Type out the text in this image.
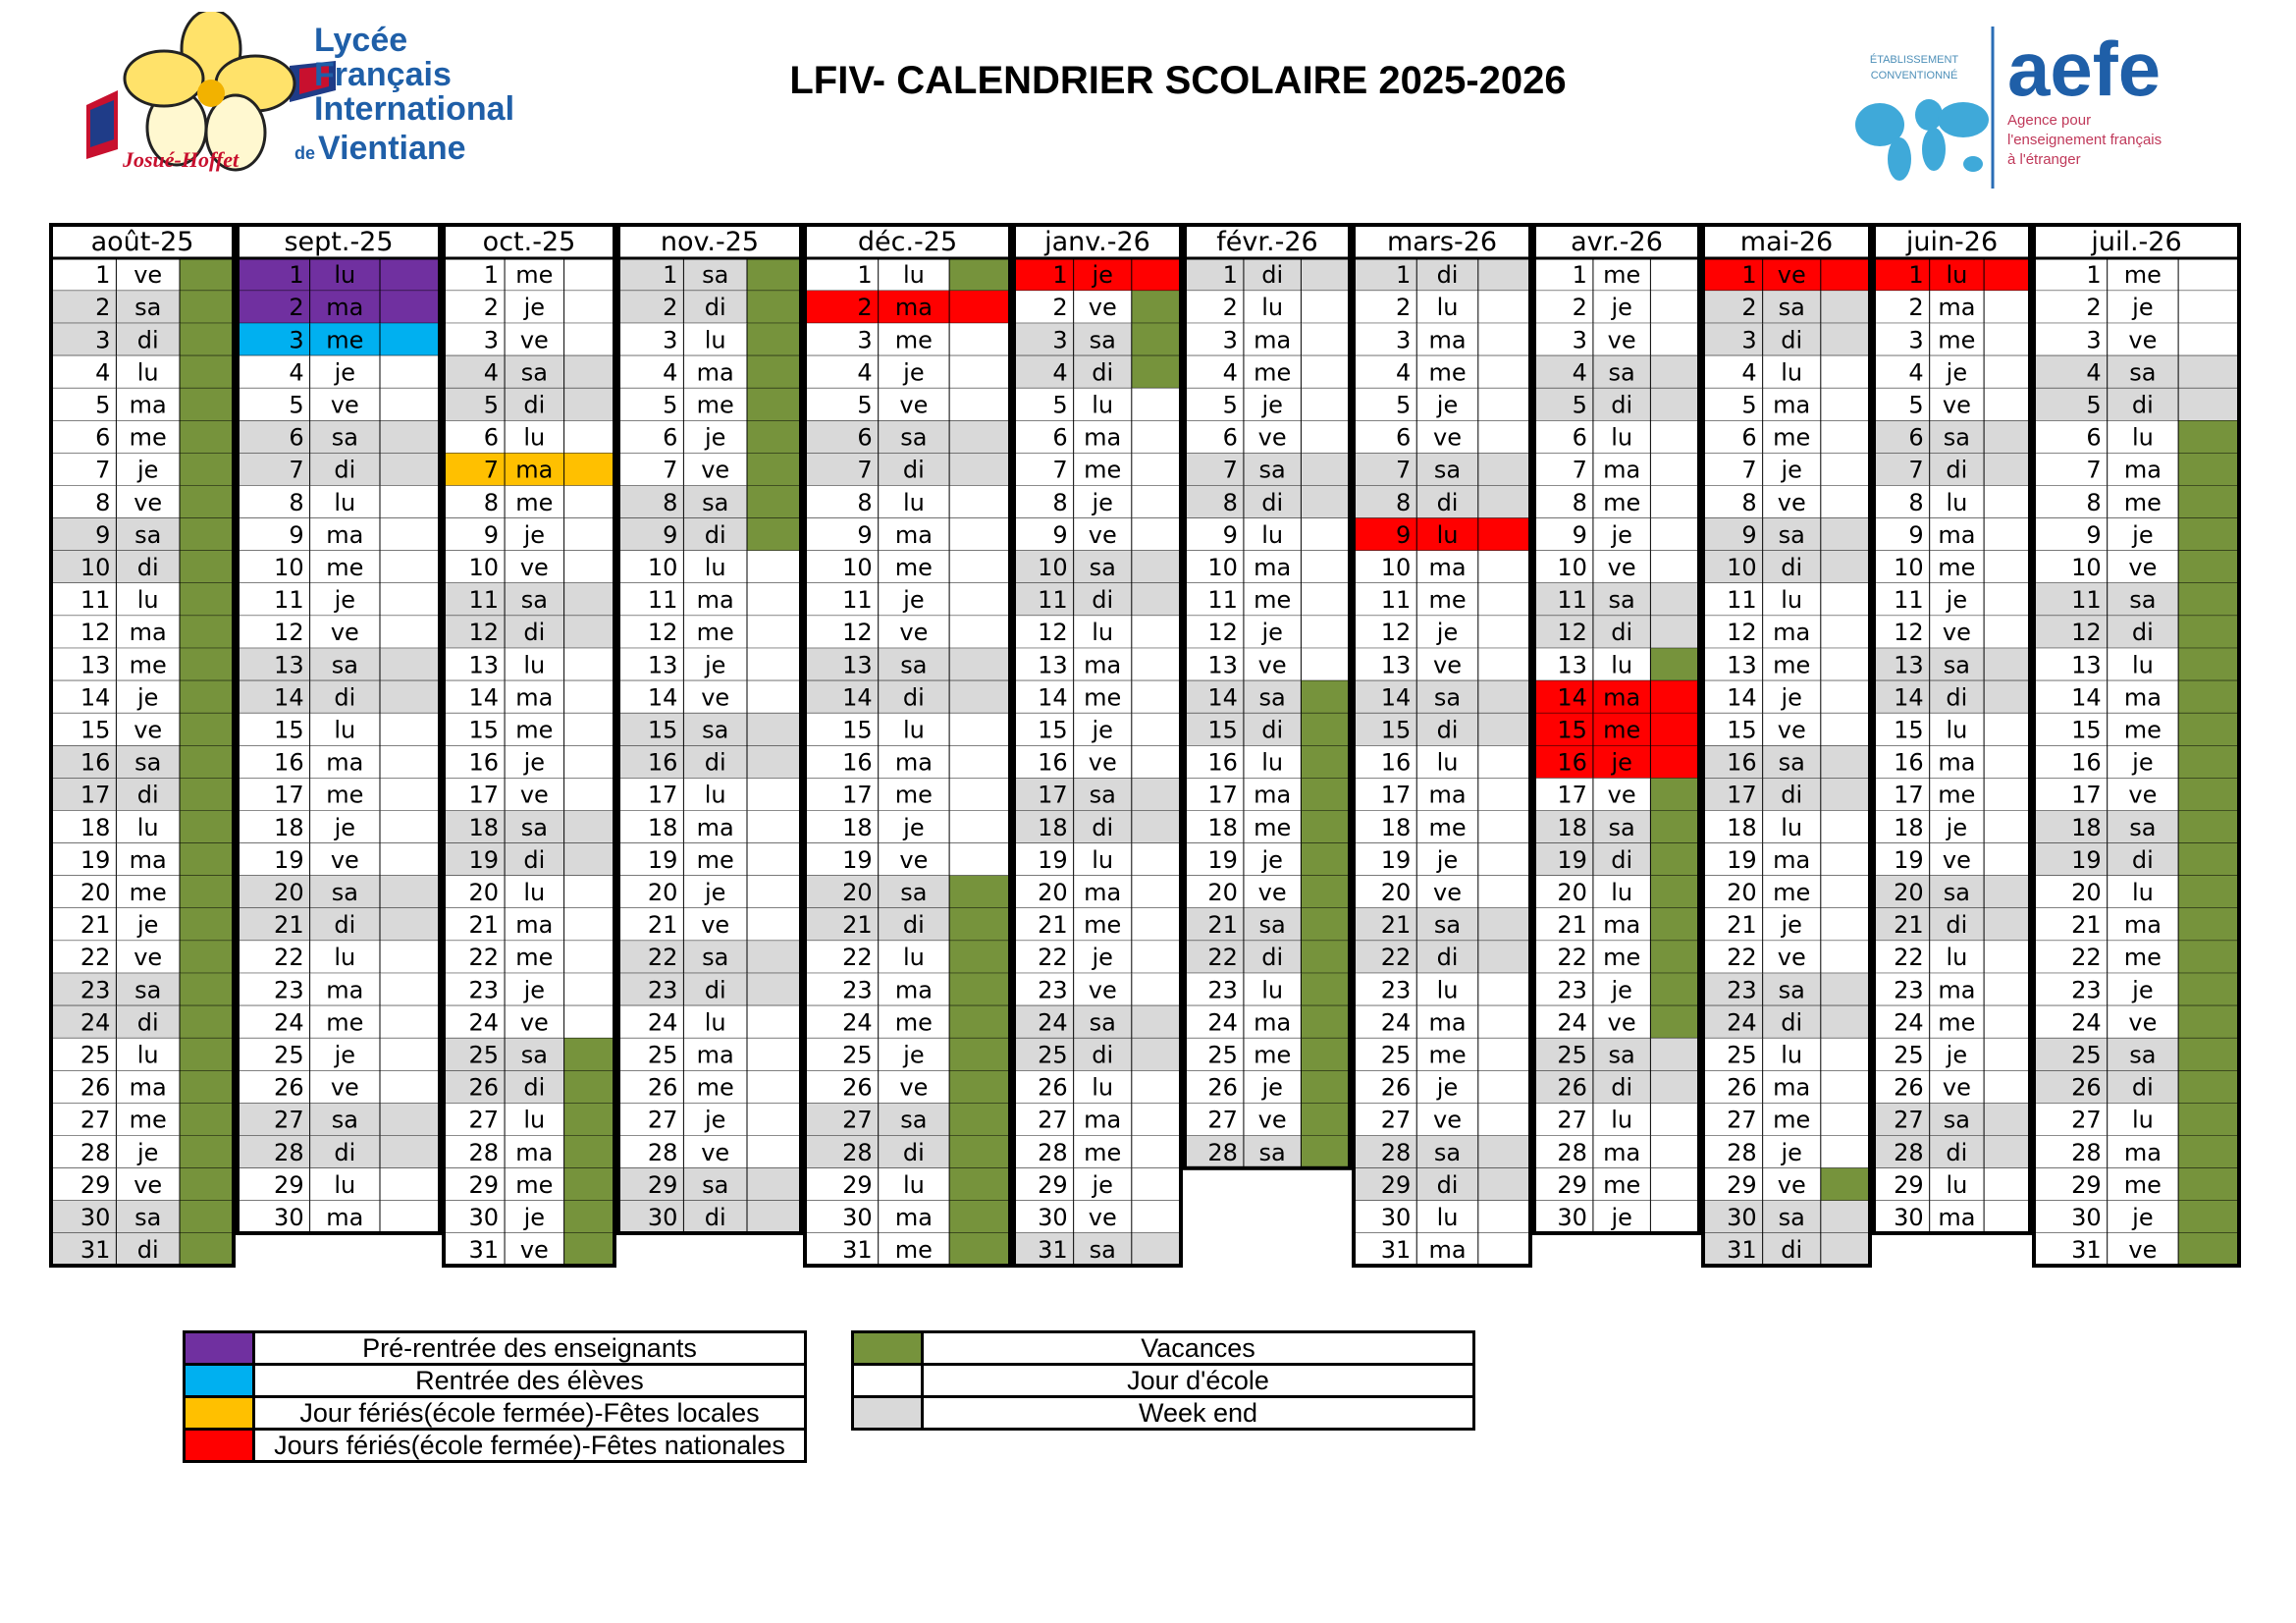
Josué-Hoffet
Lycée
Français
International
de Vientiane
LFIV- CALENDRIER SCOLAIRE 2025-2026	ÉTABLISSEMENT
CONVENTIONNÉ aefe
Agence pour
l'enseignement français
à l'étranger
août-25
1 ve
2 sa
3 di
4 lu
5 ma
6 me
7 je
8 ve
9 sa
10 di
11 lu
12 ma
13 me
14 je
15 ve
16 sa
17 di
18 lu
19 ma
20 me
21 je
22 ve
23 sa
24 di
25 lu
26 ma
27 me
28 je
29 ve
30 sa
31 di
sept.-25
1 lu
2 ma
3 me
4 je
5 ve
6 sa
7 di
8 lu
9 ma
10 me
11 je
12 ve
13 sa
14 di
15 lu
16 ma
17 me
18 je
19 ve
20 sa
21 di
22 lu
23 ma
24 me
25 je
26 ve
27 sa
28 di
29 lu
30 ma
oct.-25
1 me
2 je
3 ve
4 sa
5 di
6 lu
7 ma
8 me
9 je
10 ve
11 sa
12 di
13 lu
14 ma
15 me
16 je
17 ve
18 sa
19 di
20 lu
21 ma
22 me
23 je
24 ve
25 sa
26 di
27 lu
28 ma
29 me
30 je
31 ve
nov.-25
1 sa
2 di
3 lu
4 ma
5 me
6 je
7 ve
8 sa
9 di
10 lu
11 ma
12 me
13 je
14 ve
15 sa
16 di
17 lu
18 ma
19 me
20 je
21 ve
22 sa
23 di
24 lu
25 ma
26 me
27 je
28 ve
29 sa
30 di
déc.-25
1 lu
2 ma
3 me
4 je
5 ve
6 sa
7 di
8 lu
9 ma
10 me
11 je
12 ve
13 sa
14 di
15 lu
16 ma
17 me
18 je
19 ve
20 sa
21 di
22 lu
23 ma
24 me
25 je
26 ve
27 sa
28 di
29 lu
30 ma
31 me
janv.-26
1 je
2 ve
3 sa
4 di
5 lu
6 ma
7 me
8 je
9 ve
10 sa
11 di
12 lu
13 ma
14 me
15 je
16 ve
17 sa
18 di
19 lu
20 ma
21 me
22 je
23 ve
24 sa
25 di
26 lu
27 ma
28 me
29 je
30 ve
31 sa
févr.-26
1 di
2 lu
3 ma
4 me
5 je
6 ve
7 sa
8 di
9 lu
10 ma
11 me
12 je
13 ve
14 sa
15 di
16 lu
17 ma
18 me
19 je
20 ve
21 sa
22 di
23 lu
24 ma
25 me
26 je
27 ve
28 sa
mars-26
1 di
2 lu
3 ma
4 me
5 je
6 ve
7 sa
8 di
9 lu
10 ma
11 me
12 je
13 ve
14 sa
15 di
16 lu
17 ma
18 me
19 je
20 ve
21 sa
22 di
23 lu
24 ma
25 me
26 je
27 ve
28 sa
29 di
30 lu
31 ma
avr.-26
1 me
2 je
3 ve
4 sa
5 di
6 lu
7 ma
8 me
9 je
10 ve
11 sa
12 di
13 lu
14 ma
15 me
16 je
17 ve
18 sa
19 di
20 lu
21 ma
22 me
23 je
24 ve
25 sa
26 di
27 lu
28 ma
29 me
30 je
mai-26
1 ve
2 sa
3 di
4 lu
5 ma
6 me
7 je
8 ve
9 sa
10 di
11 lu
12 ma
13 me
14 je
15 ve
16 sa
17 di
18 lu
19 ma
20 me
21 je
22 ve
23 sa
24 di
25 lu
26 ma
27 me
28 je
29 ve
30 sa
31 di
juin-26
1 lu
2 ma
3 me
4 je
5 ve
6 sa
7 di
8 lu
9 ma
10 me
11 je
12 ve
13 sa
14 di
15 lu
16 ma
17 me
18 je
19 ve
20 sa
21 di
22 lu
23 ma
24 me
25 je
26 ve
27 sa
28 di
29 lu
30 ma
juil.-26
1 me
2 je
3 ve
4 sa
5 di
6 lu
7 ma
8 me
9 je
10 ve
11 sa
12 di
13 lu
14 ma
15 me
16 je
17 ve
18 sa
19 di
20 lu
21 ma
22 me
23 je
24 ve
25 sa
26 di
27 lu
28 ma
29 me
30 je
31 ve
	Pré-rentrée des enseignants
	Rentrée des élèves
	Jour fériés(école fermée)-Fêtes locales
	Jours fériés(école fermée)-Fêtes nationales
	Vacances
	Jour d'école
	Week end
